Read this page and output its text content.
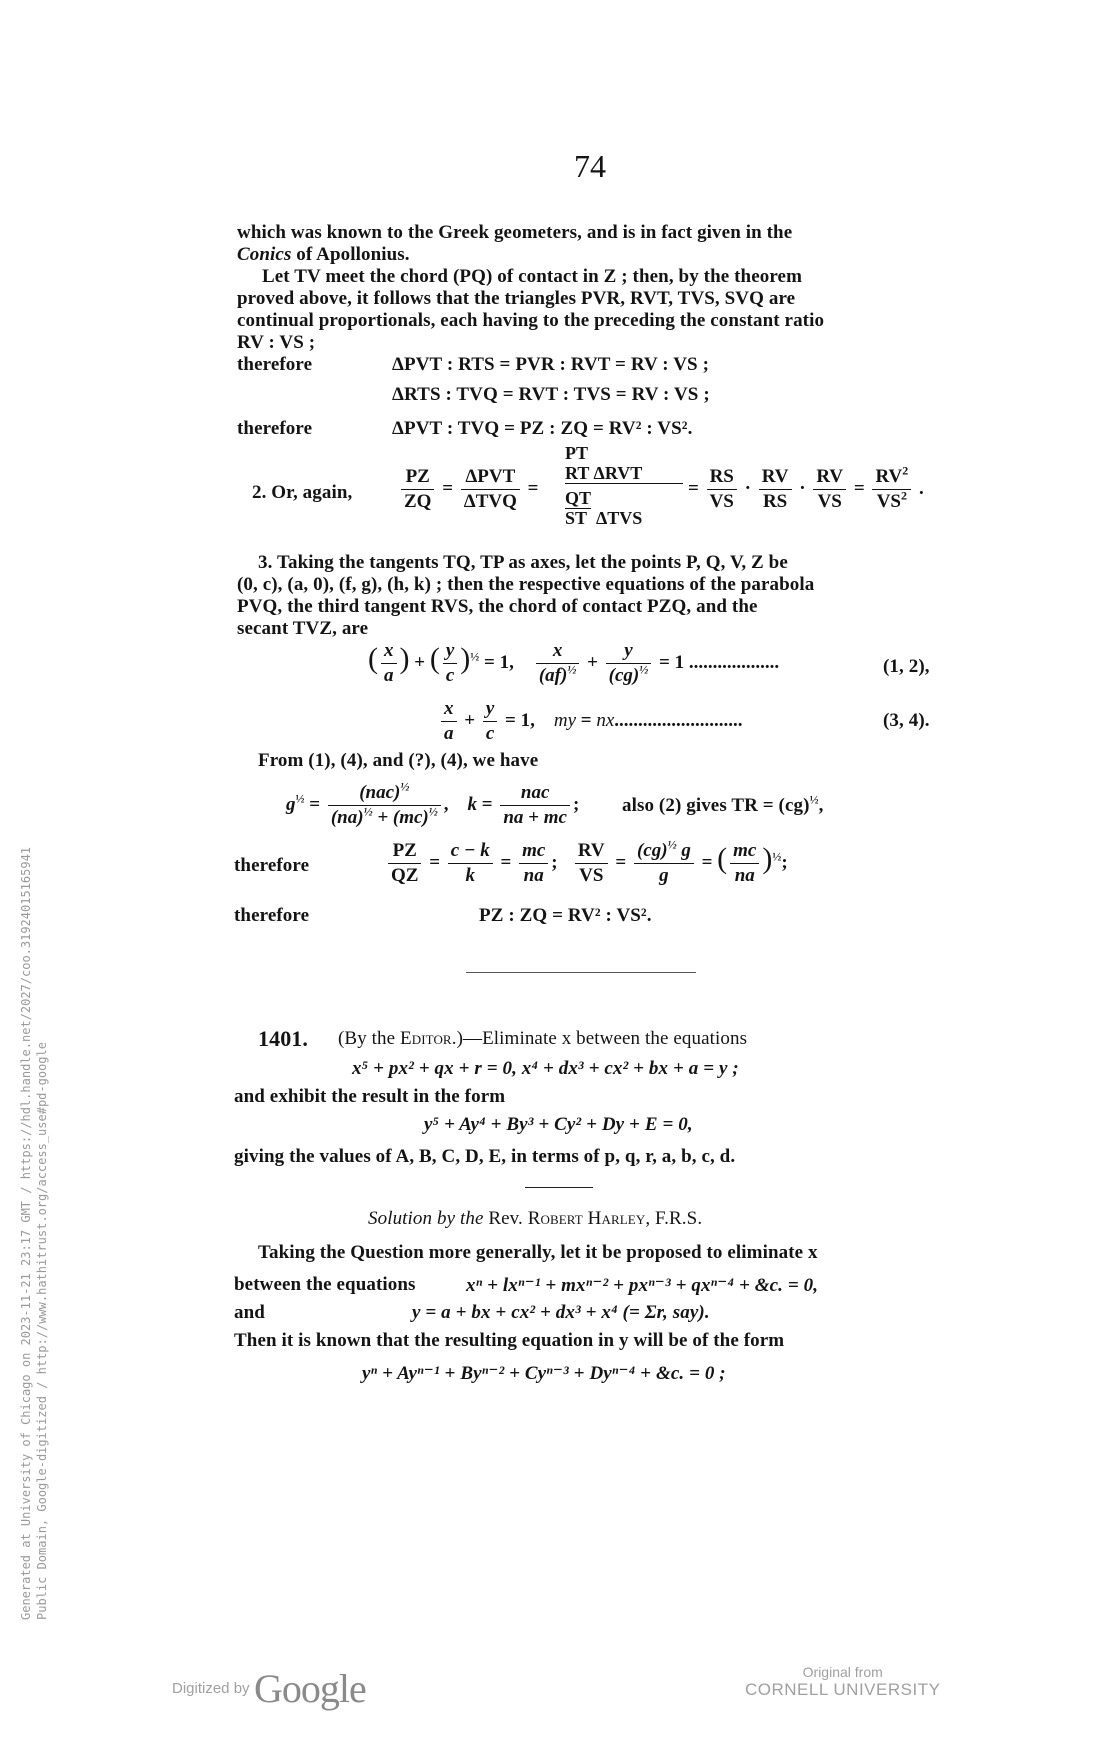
74
which was known to the Greek geometers, and is in fact given in the
Conics of Apollonius.
Let TV meet the chord (PQ) of contact in Z ; then, by the theorem
proved above, it follows that the triangles PVR, RVT, TVS, SVQ are
continual proportionals, each having to the preceding the constant ratio
RV : VS ;
therefore	ΔPVT : RTS = PVR : RVT = RV : VS ;
ΔRTS : TVQ = RVT : TVS = RV : VS ;
therefore	ΔPVT : TVQ = PZ : ZQ = RV² : VS².
2. Or, again,	$\frac{PZ}{ZQ} = \frac{\text{ΔPVT}}{\text{ΔTVQ}}$ =
PT
RT ΔRVT
QT
ST  ΔTVS
= $\frac{RS}{VS} \cdot \frac{RV}{RS} \cdot \frac{RV}{VS} = \frac{RV^2}{VS^2}$ .
3. Taking the tangents TQ, TP as axes, let the points P, Q, V, Z be
(0, c), (a, 0), (f, g), (h, k) ; then the respective equations of the parabola
PVQ, the third tangent RVS, the chord of contact PZQ, and the
secant TVZ, are
( $\frac{x}{a}$ ) + ( $\frac{y}{c} )^{\frac{1}{2}} = 1$, $\frac{x}{(af)^{\frac{1}{2}}} + \frac{y}{(cg)^{\frac{1}{2}}} = 1$ ...................	(1, 2),
$\frac{x}{a} + \frac{y}{c} = 1$, my = nx...........................	(3, 4).
From (1), (4), and (?), (4), we have
$g^{\frac{1}{2}} = \frac{(nac)^{\frac{1}{2}}}{(na)^{\frac{1}{2}} + (mc)^{\frac{1}{2}}}$ , $k = \frac{\text{nac}}{na + mc}$ ; also (2) gives TR = (cg)$^{\frac{1}{2}}$,
therefore	$\frac{PZ}{QZ} = \frac{c - k}{k} = \frac{mc}{na}$ ; $\frac{RV}{VS} = \frac{(cg)^{\frac{1}{2}} g}{g}$ = ( $\frac{mc}{na} )^{\frac{1}{2}}$;
therefore	PZ : ZQ = RV² : VS².
1401. (By the Editor.)—Eliminate x between the equations
x⁵ + px² + qx + r = 0, x⁴ + dx³ + cx² + bx + a = y ;
and exhibit the result in the form
y⁵ + Ay⁴ + By³ + Cy² + Dy + E = 0,
giving the values of A, B, C, D, E, in terms of p, q, r, a, b, c, d.
Solution by the Rev. Robert Harley, F.R.S.
Taking the Question more generally, let it be proposed to eliminate x
between the equations	xⁿ + lxⁿ⁻¹ + mxⁿ⁻² + pxⁿ⁻³ + qxⁿ⁻⁴ + &c. = 0,
and	y = a + bx + cx² + dx³ + x⁴ (= Σr, say).
Then it is known that the resulting equation in y will be of the form
yⁿ + Ayⁿ⁻¹ + Byⁿ⁻² + Cyⁿ⁻³ + Dyⁿ⁻⁴ + &c. = 0 ;
Generated at University of Chicago on 2023-11-21 23:17 GMT / https://hdl.handle.net/2027/coo.31924015165941 Public Domain, Google-digitized / http://www.hathitrust.org/access_use#pd-google
Digitized by Google	Original from
CORNELL UNIVERSITY
